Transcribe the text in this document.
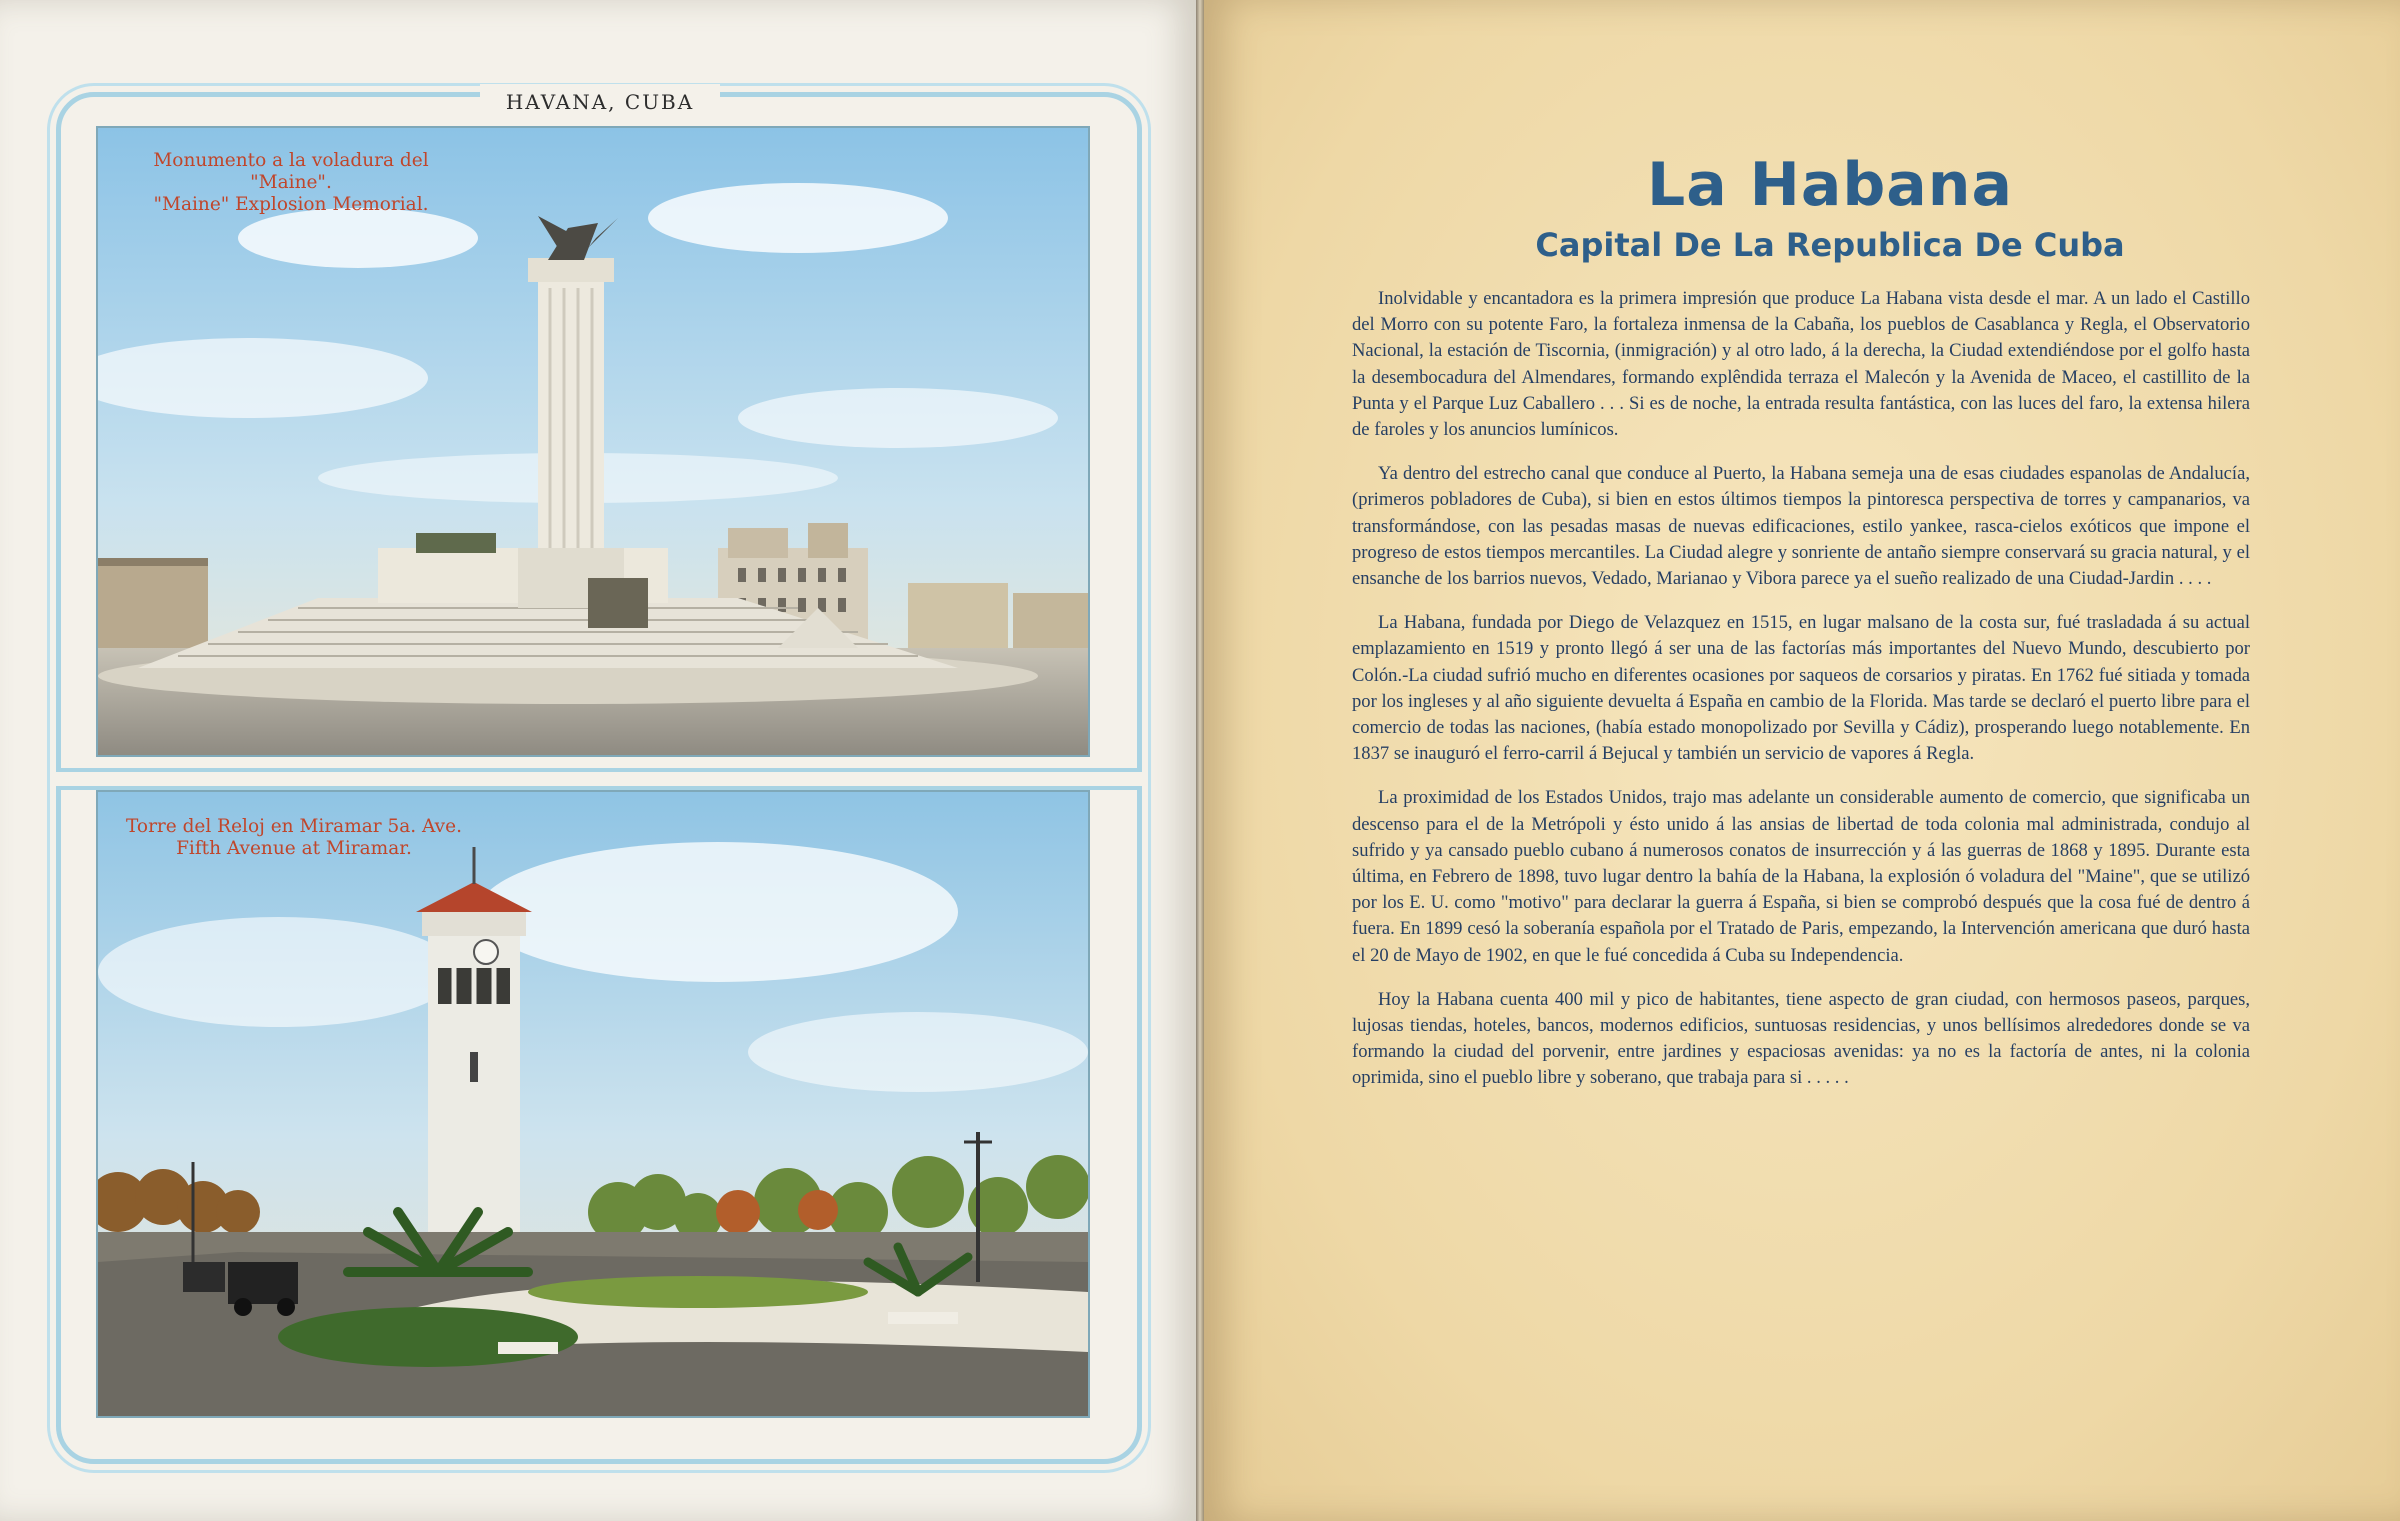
HAVANA, CUBA
Monumento a la voladura del "Maine".
"Maine" Explosion Memorial.
Torre del Reloj en Miramar 5a. Ave.
Fifth Avenue at Miramar.
La Habana
Capital De La Republica De Cuba

Inolvidable y encantadora es la primera impresión que produce La Habana vista desde el mar. A un lado el Castillo del Morro con su potente Faro, la fortaleza inmensa de la Cabaña, los pueblos de Casablanca y Regla, el Observatorio Nacional, la estación de Tiscornia, (inmigración) y al otro lado, á la derecha, la Ciudad extendiéndose por el golfo hasta la desembocadura del Almendares, formando explêndida terraza el Malecón y la Avenida de Maceo, el castillito de la Punta y el Parque Luz Caballero . . . Si es de noche, la entrada resulta fantástica, con las luces del faro, la extensa hilera de faroles y los anuncios lumínicos.

Ya dentro del estrecho canal que conduce al Puerto, la Habana semeja una de esas ciudades espanolas de Andalucía, (primeros pobladores de Cuba), si bien en estos últimos tiempos la pintoresca perspectiva de torres y campanarios, va transformándose, con las pesadas masas de nuevas edificaciones, estilo yankee, rasca-cielos exóticos que impone el progreso de estos tiempos mercantiles. La Ciudad alegre y sonriente de antaño siempre conservará su gracia natural, y el ensanche de los barrios nuevos, Vedado, Marianao y Vibora parece ya el sueño realizado de una Ciudad-Jardin . . . .

La Habana, fundada por Diego de Velazquez en 1515, en lugar malsano de la costa sur, fué trasladada á su actual emplazamiento en 1519 y pronto llegó á ser una de las factorías más importantes del Nuevo Mundo, descubierto por Colón.-La ciudad sufrió mucho en diferentes ocasiones por saqueos de corsarios y piratas. En 1762 fué sitiada y tomada por los ingleses y al año siguiente devuelta á España en cambio de la Florida. Mas tarde se declaró el puerto libre para el comercio de todas las naciones, (había estado monopolizado por Sevilla y Cádiz), prosperando luego notablemente. En 1837 se inauguró el ferro-carril á Bejucal y también un servicio de vapores á Regla.

La proximidad de los Estados Unidos, trajo mas adelante un considerable aumento de comercio, que significaba un descenso para el de la Metrópoli y ésto unido á las ansias de libertad de toda colonia mal administrada, condujo al sufrido y ya cansado pueblo cubano á numerosos conatos de insurrección y á las guerras de 1868 y 1895. Durante esta última, en Febrero de 1898, tuvo lugar dentro la bahía de la Habana, la explosión ó voladura del "Maine", que se utilizó por los E. U. como "motivo" para declarar la guerra á España, si bien se comprobó después que la cosa fué de dentro á fuera. En 1899 cesó la soberanía española por el Tratado de Paris, empezando, la Intervención americana que duró hasta el 20 de Mayo de 1902, en que le fué concedida á Cuba su Independencia.

Hoy la Habana cuenta 400 mil y pico de habitantes, tiene aspecto de gran ciudad, con hermosos paseos, parques, lujosas tiendas, hoteles, bancos, modernos edificios, suntuosas residencias, y unos bellísimos alrededores donde se va formando la ciudad del porvenir, entre jardines y espaciosas avenidas: ya no es la factoría de antes, ni la colonia oprimida, sino el pueblo libre y soberano, que trabaja para si . . . . .
